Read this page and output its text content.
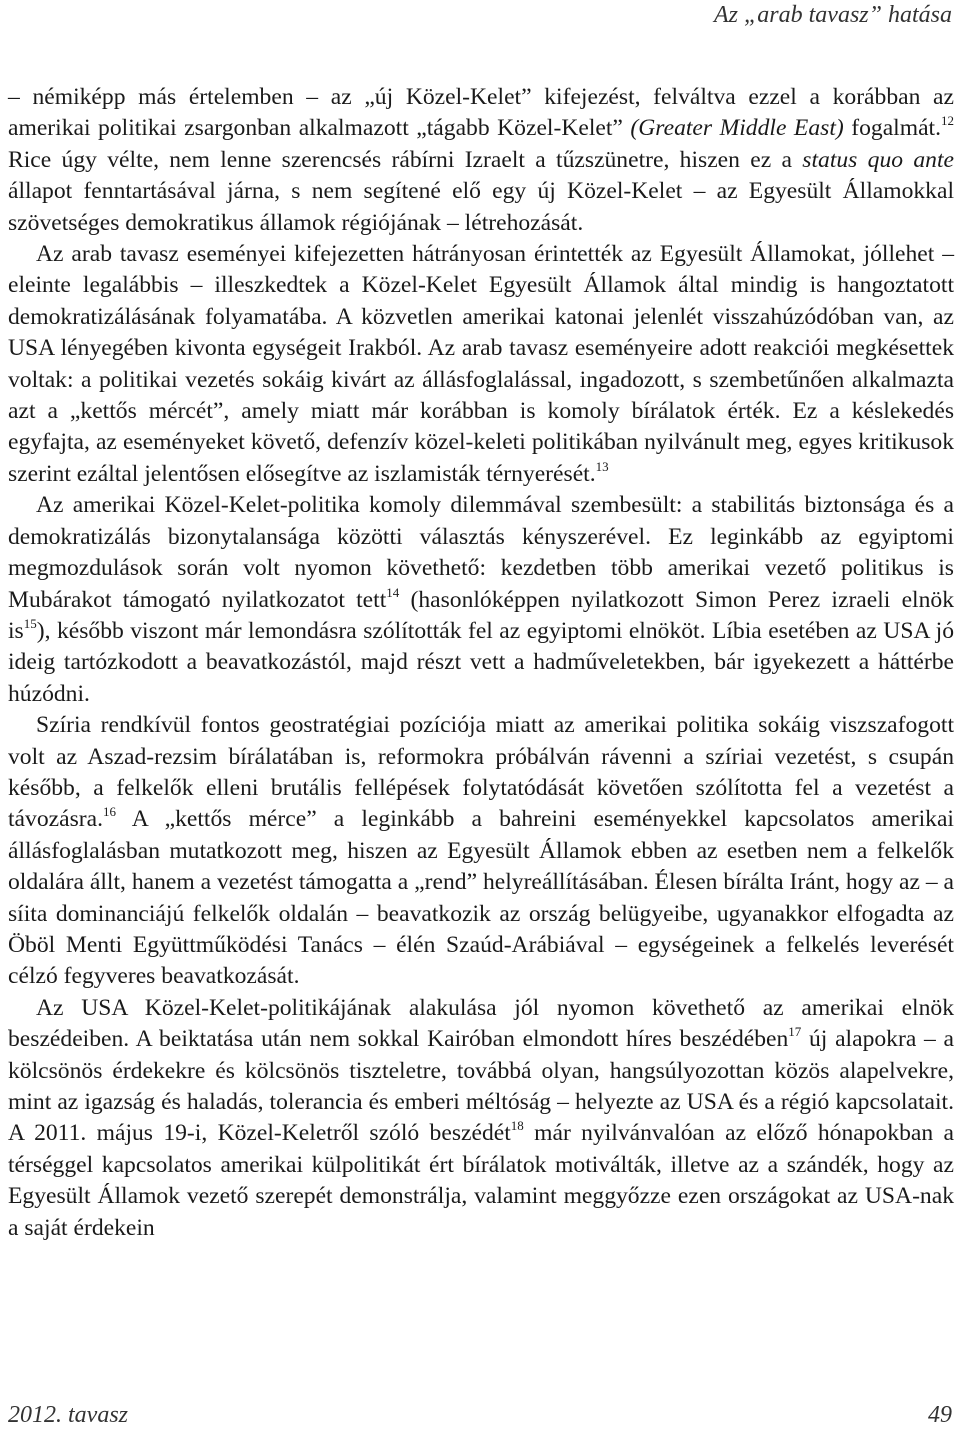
Az „arab tavasz” hatása

– némiképp más értelemben – az „új Közel-Kelet” kifejezést, felváltva ezzel a korábban az amerikai politikai zsargonban alkalmazott „tágabb Közel-Kelet” (Greater Middle East) fogalmát.$^{12}$ Rice úgy vélte, nem lenne szerencsés rábírni Izraelt a tűzszünetre, hiszen ez a status quo ante állapot fenntartásával járna, s nem segítené elő egy új Közel-Kelet – az Egyesült Államokkal szövetséges demokratikus államok régiójának – létrehozását.

Az arab tavasz eseményei kifejezetten hátrányosan érintették az Egyesült Államokat, jóllehet – eleinte legalábbis – illeszkedtek a Közel-Kelet Egyesült Államok által mindig is hangoztatott demokratizálásának folyamatába. A közvetlen amerikai katonai jelenlét visszahúzódóban van, az USA lényegében kivonta egységeit Irakból. Az arab tavasz eseményeire adott reakciói megkésettek voltak: a politikai vezetés sokáig kivárt az állásfoglalással, ingadozott, s szembetűnően alkalmazta azt a „kettős mércét”, amely miatt már korábban is komoly bírálatok érték. Ez a késlekedés egyfajta, az eseményeket követő, defenzív közel-keleti politikában nyilvánult meg, egyes kritikusok szerint ezáltal jelentősen elősegítve az iszlamisták térnyerését.$^{13}$

Az amerikai Közel-Kelet-politika komoly dilemmával szembesült: a stabilitás biztonsága és a demokratizálás bizonytalansága közötti választás kényszerével. Ez leginkább az egyiptomi megmozdulások során volt nyomon követhető: kezdetben több amerikai vezető politikus is Mubárakot támogató nyilatkozatot tett$^{14}$ (hasonlóképpen nyilatkozott Simon Perez izraeli elnök $is^{15}$), később viszont már lemondásra szólították fel az egyiptomi elnököt. Líbia esetében az USA jó ideig tartózkodott a beavatkozástól, majd részt vett a hadműveletekben, bár igyekezett a háttérbe húzódni.

Szíria rendkívül fontos geostratégiai pozíciója miatt az amerikai politika sokáig viszszafogott volt az Aszad-rezsim bírálatában is, reformokra próbálván rávenni a szíriai vezetést, s csupán később, a felkelők elleni brutális fellépések folytatódását követően szólította fel a vezetést a távozásra.$^{16}$ A „kettős mérce” a leginkább a bahreini eseményekkel kapcsolatos amerikai állásfoglalásban mutatkozott meg, hiszen az Egyesült Államok ebben az esetben nem a felkelők oldalára állt, hanem a vezetést támogatta a „rend” helyreállításában. Élesen bírálta Iránt, hogy az – a síita dominanciájú felkelők oldalán – beavatkozik az ország belügyeibe, ugyanakkor elfogadta az Öböl Menti Együttműködési Tanács – élén Szaúd-Arábiával – egységeinek a felkelés leverését célzó fegyveres beavatkozását.

Az USA Közel-Kelet-politikájának alakulása jól nyomon követhető az amerikai elnök beszédeiben. A beiktatása után nem sokkal Kairóban elmondott híres beszédében$^{17}$ új alapokra – a kölcsönös érdekekre és kölcsönös tiszteletre, továbbá olyan, hangsúlyozottan közös alapelvekre, mint az igazság és haladás, tolerancia és emberi méltóság – helyezte az USA és a régió kapcsolatait. A 2011. május 19-i, Közel-Keletről szóló beszédét$^{18}$ már nyilvánvalóan az előző hónapokban a térséggel kapcsolatos amerikai külpolitikát ért bírálatok motiválták, illetve az a szándék, hogy az Egyesült Államok vezető szerepét demonstrálja, valamint meggyőzze ezen országokat az USA-nak a saját érdekein

2012. tavasz	49
